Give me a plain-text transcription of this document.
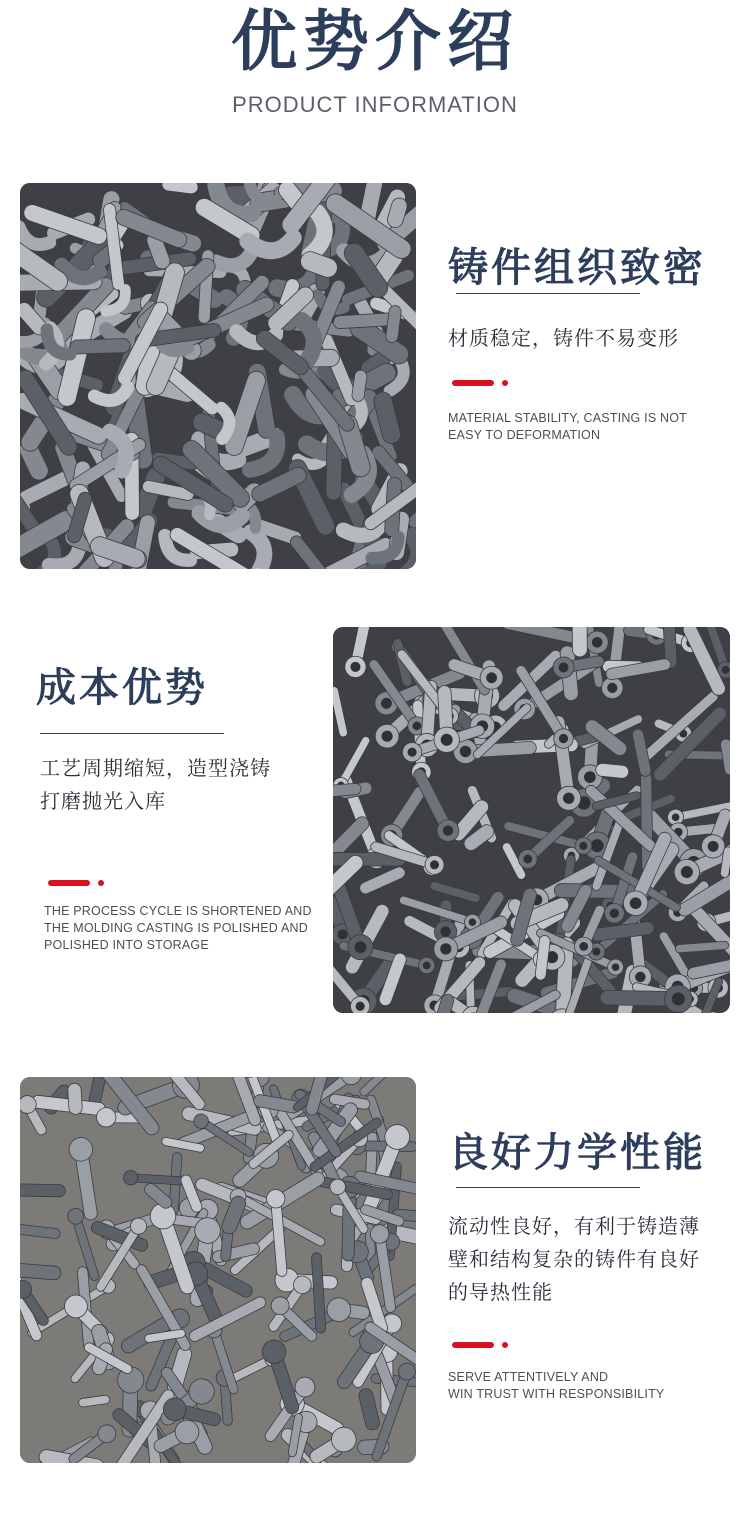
优势介绍
PRODUCT INFORMATION
铸件组织致密
材质稳定，铸件不易变形
MATERIAL STABILITY, CASTING IS NOT
EASY TO DEFORMATION
成本优势
工艺周期缩短，造型浇铸
打磨抛光入库
THE PROCESS CYCLE IS SHORTENED AND
THE MOLDING CASTING IS POLISHED AND
POLISHED INTO STORAGE
良好力学性能
流动性良好，有利于铸造薄
壁和结构复杂的铸件有良好
的导热性能
SERVE ATTENTIVELY AND
WIN TRUST WITH RESPONSIBILITY
